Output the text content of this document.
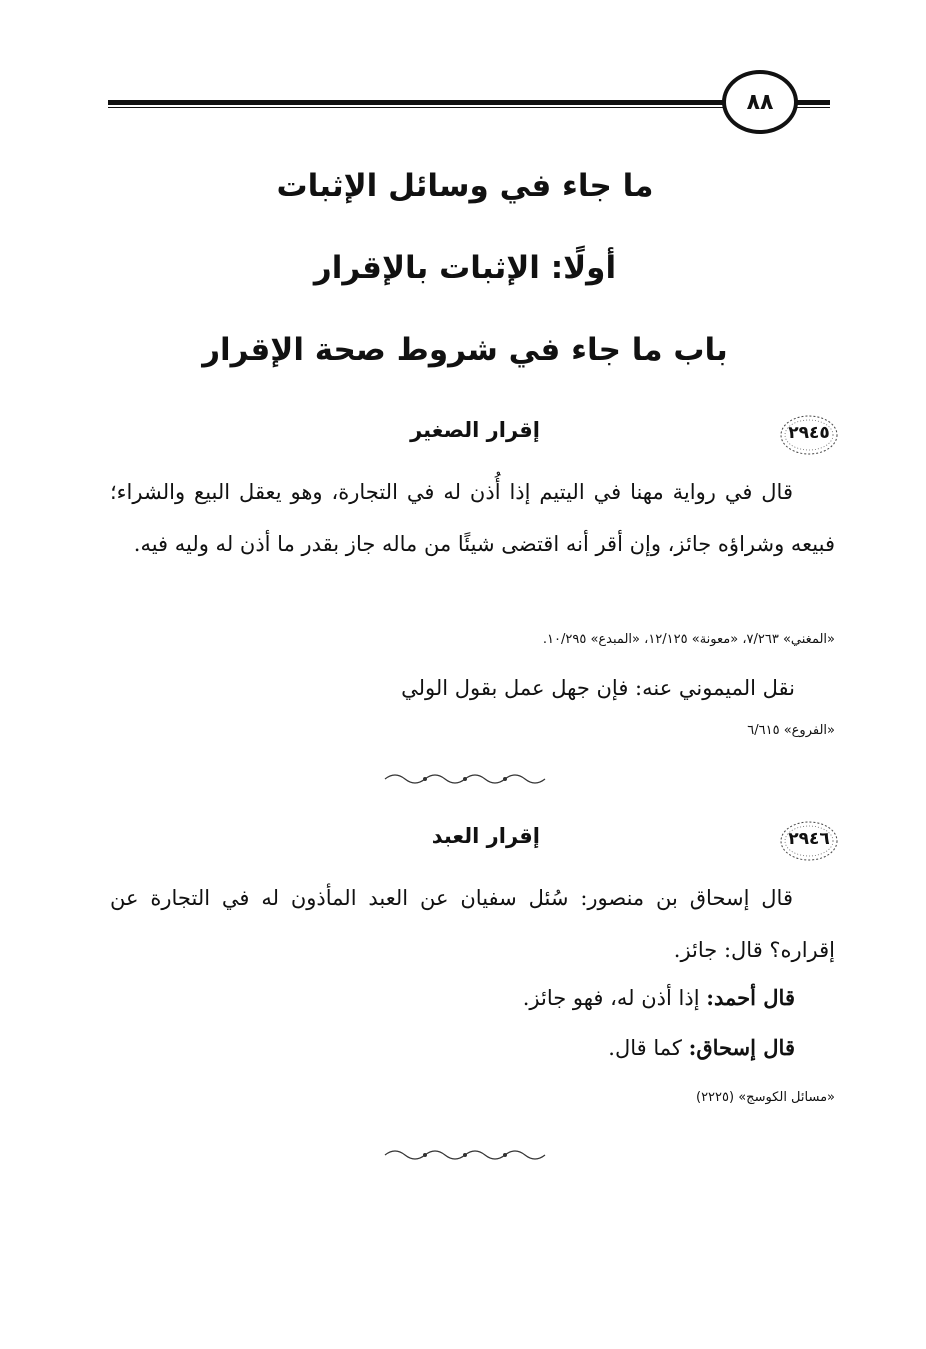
٨٨
ما جاء في وسائل الإثبات
أولًا: الإثبات بالإقرار
باب ما جاء في شروط صحة الإقرار
٢٩٤٥
إقرار الصغير
قال في رواية مهنا في اليتيم إذا أُذن له في التجارة، وهو يعقل البيع والشراء؛ فبيعه وشراؤه جائز، وإن أقر أنه اقتضى شيئًا من ماله جاز بقدر ما أذن له وليه فيه.
«المغني» ٧/٢٦٣، «معونة» ١٢/١٢٥، «المبدع» ١٠/٢٩٥.
نقل الميموني عنه: فإن جهل عمل بقول الولي
«الفروع» ٦/٦١٥
٢٩٤٦
إقرار العبد
قال إسحاق بن منصور: سُئل سفيان عن العبد المأذون له في التجارة عن إقراره؟ قال: جائز.
قال أحمد: إذا أذن له، فهو جائز.
قال إسحاق: كما قال.
«مسائل الكوسج» (٢٢٢٥)
